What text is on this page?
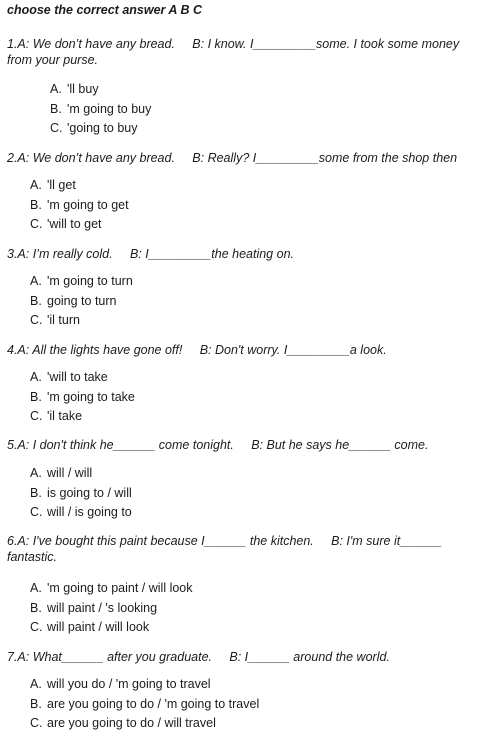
choose the correct answer A B C
1.A: We don’t have any bread.     B: I know. I_________some. I took some money
from your purse.
A. 'll buy
B. 'm going to buy
C. 'going to buy
2.A: We don’t have any bread.     B: Really? I_________some from the shop then
A. 'll get
B. 'm going to get
C. 'will to get
3.A: I’m really cold.     B: I_________the heating on.
A. 'm going to turn
B. going to turn
C. 'il turn
4.A: All the lights have gone off!     B: Don't worry. I_________a look.
A. 'will to take
B. 'm going to take
C. 'il take
5.A: I don't think he______ come tonight.     B: But he says he______ come.
A. will / will
B. is going to / will
C. will / is going to
6.A: I've bought this paint because I______ the kitchen.     B: I'm sure it______
fantastic.
A. 'm going to paint / will look
B. will paint / 's looking
C. will paint / will look
7.A: What______ after you graduate.     B: I______ around the world.
A. will you do / 'm going to travel
B. are you going to do / 'm going to travel
C. are you going to do / will travel
